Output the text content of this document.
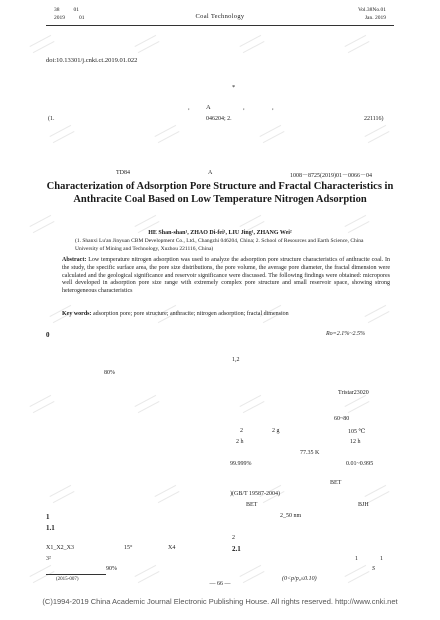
38	01
2019	01	Coal Technology
Vol.38No.01
Jan. 2019
doi:10.13301/j.cnki.ct.2019.01.022
*
,	A	,	,
(1.	046204; 2.	221116)
TD84	A	1008－8725(2019)01－0066－04
Characterization of Adsorption Pore Structure and Fractal Characteristics in Anthracite Coal Based on Low Temperature Nitrogen Adsorption
HE Shan-shan¹, ZHAO Di-fei¹, LIU Jing¹, ZHANG Wei²
(1. Shanxi Lu'an Jinyuan CBM Development Co., Ltd., Changzhi 046204, China; 2. School of Resources and Earth Science, China University of Mining and Technology, Xuzhou 221116, China)
Abstract: Low temperature nitrogen adsorption was used to analyze the adsorption pore structure characteristics of anthracite coal. In the study, the specific surface area, the pore size distributions, the pore volume, the average pore diameter, the fractal dimension were calculated and the geological significance and reservoir significance were discussed. The following findings were obtained: micropores well developed in adsorption pore size range with extremely complex pore structure and small reservoir space, showing strong heterogeneous characteristics
Key words: adsorption pore; pore structure; anthracite; nitrogen adsorption; fractal dimension
0	Ro=2.1%~2.5%
1,2
80%
Tristar23020
60~80
2	2 g	105 ℃
2 h	12 h
77.35 K
99.999%	0.01~0.995
BET
)(GB/T 19587-2004)
BET	BJH
1	2_50 nm
1.1
2
X1_X2_X3	15°	X4	2.1
3²	1	1
90%	S
(0<p/p₀≤0.10)
(2015-007)
— 66 —
(C)1994-2019 China Academic Journal Electronic Publishing House. All rights reserved. http://www.cnki.net
